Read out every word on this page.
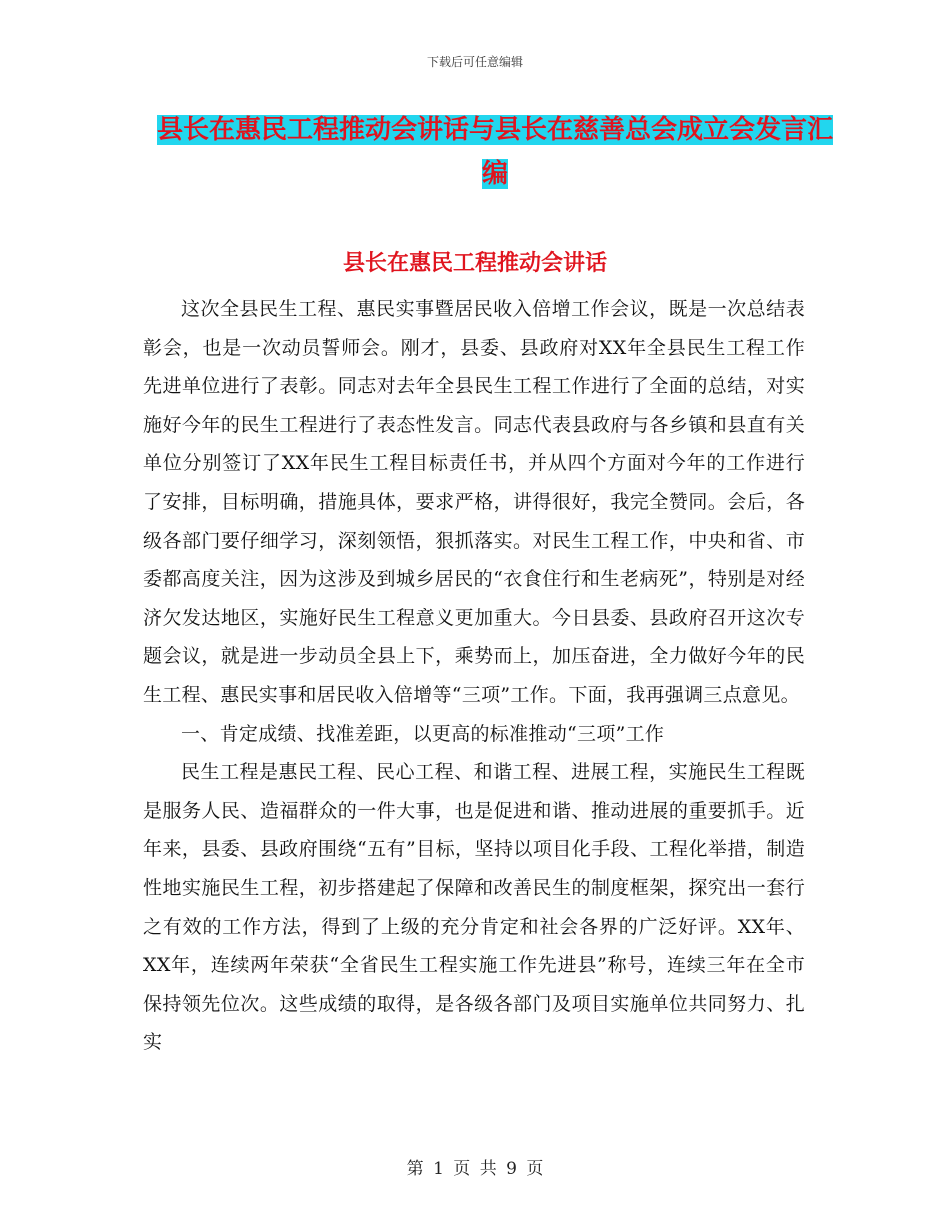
下载后可任意编辑
县长在惠民工程推动会讲话与县长在慈善总会成立会发言汇编
县长在惠民工程推动会讲话

这次全县民生工程、惠民实事暨居民收入倍增工作会议，既是一次总结表彰会，也是一次动员誓师会。刚才，县委、县政府对XX年全县民生工程工作先进单位进行了表彰。同志对去年全县民生工程工作进行了全面的总结，对实施好今年的民生工程进行了表态性发言。同志代表县政府与各乡镇和县直有关单位分别签订了XX年民生工程目标责任书，并从四个方面对今年的工作进行了安排，目标明确，措施具体，要求严格，讲得很好，我完全赞同。会后，各级各部门要仔细学习，深刻领悟，狠抓落实。对民生工程工作，中央和省、市委都高度关注，因为这涉及到城乡居民的“衣食住行和生老病死”，特别是对经济欠发达地区，实施好民生工程意义更加重大。今日县委、县政府召开这次专题会议，就是进一步动员全县上下，乘势而上，加压奋进，全力做好今年的民生工程、惠民实事和居民收入倍增等“三项”工作。下面，我再强调三点意见。

一、肯定成绩、找准差距，以更高的标准推动“三项”工作

民生工程是惠民工程、民心工程、和谐工程、进展工程，实施民生工程既是服务人民、造福群众的一件大事，也是促进和谐、推动进展的重要抓手。近年来，县委、县政府围绕“五有”目标，坚持以项目化手段、工程化举措，制造性地实施民生工程，初步搭建起了保障和改善民生的制度框架，探究出一套行之有效的工作方法，得到了上级的充分肯定和社会各界的广泛好评。XX年、XX年，连续两年荣获“全省民生工程实施工作先进县”称号，连续三年在全市保持领先位次。这些成绩的取得，是各级各部门及项目实施单位共同努力、扎实

第 1 页 共 9 页
